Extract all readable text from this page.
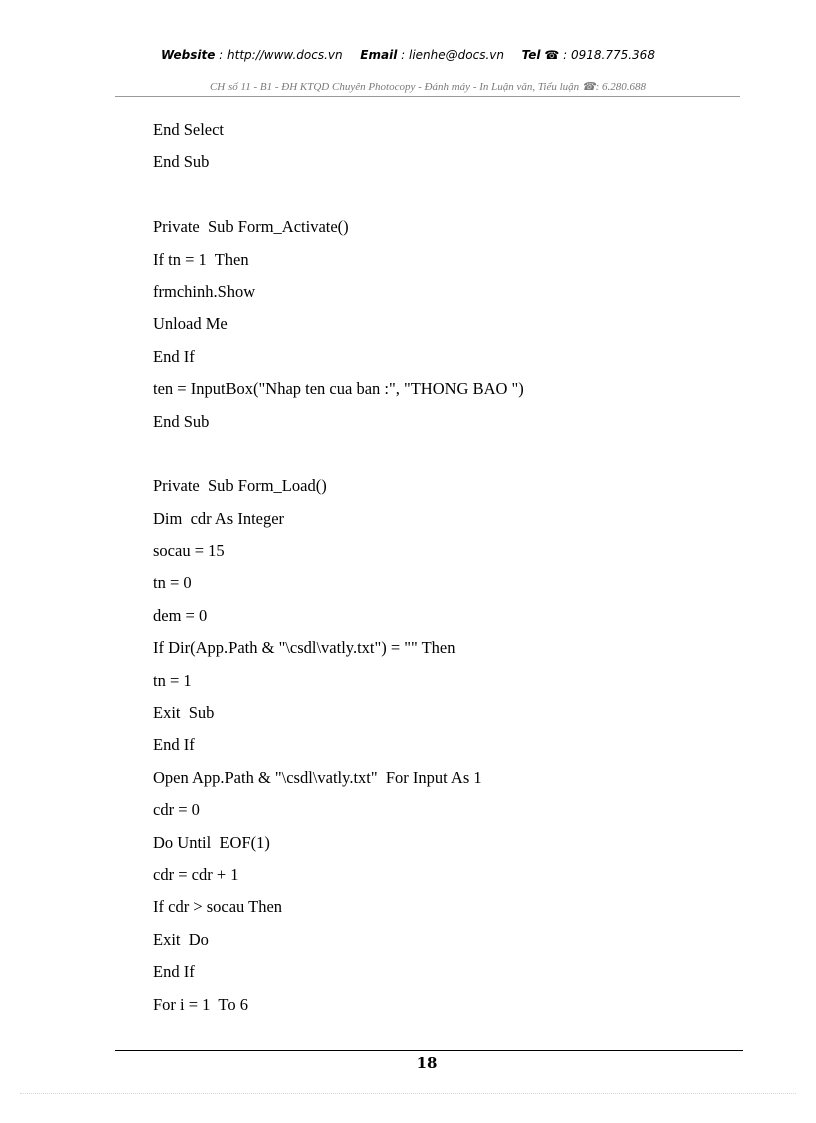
Website : http://www.docs.vn Email : lienhe@docs.vn Tel ☎ : 0918.775.368
CH số 11 - B1 - ĐH KTQD Chuyên Photocopy - Đánh máy - In Luận văn, Tiểu luận ☎: 6.280.688
End Select
End Sub
Private  Sub Form_Activate()
If tn = 1  Then
frmchinh.Show
Unload Me
End If
ten = InputBox("Nhap ten cua ban :", "THONG BAO ")
End Sub
Private  Sub Form_Load()
Dim  cdr As Integer
socau = 15
tn = 0
dem = 0
If Dir(App.Path & "\csdl\vatly.txt") = "" Then
tn = 1
Exit  Sub
End If
Open App.Path & "\csdl\vatly.txt"  For Input As 1
cdr = 0
Do Until  EOF(1)
cdr = cdr + 1
If cdr > socau Then
Exit  Do
End If
For i = 1  To 6
18
